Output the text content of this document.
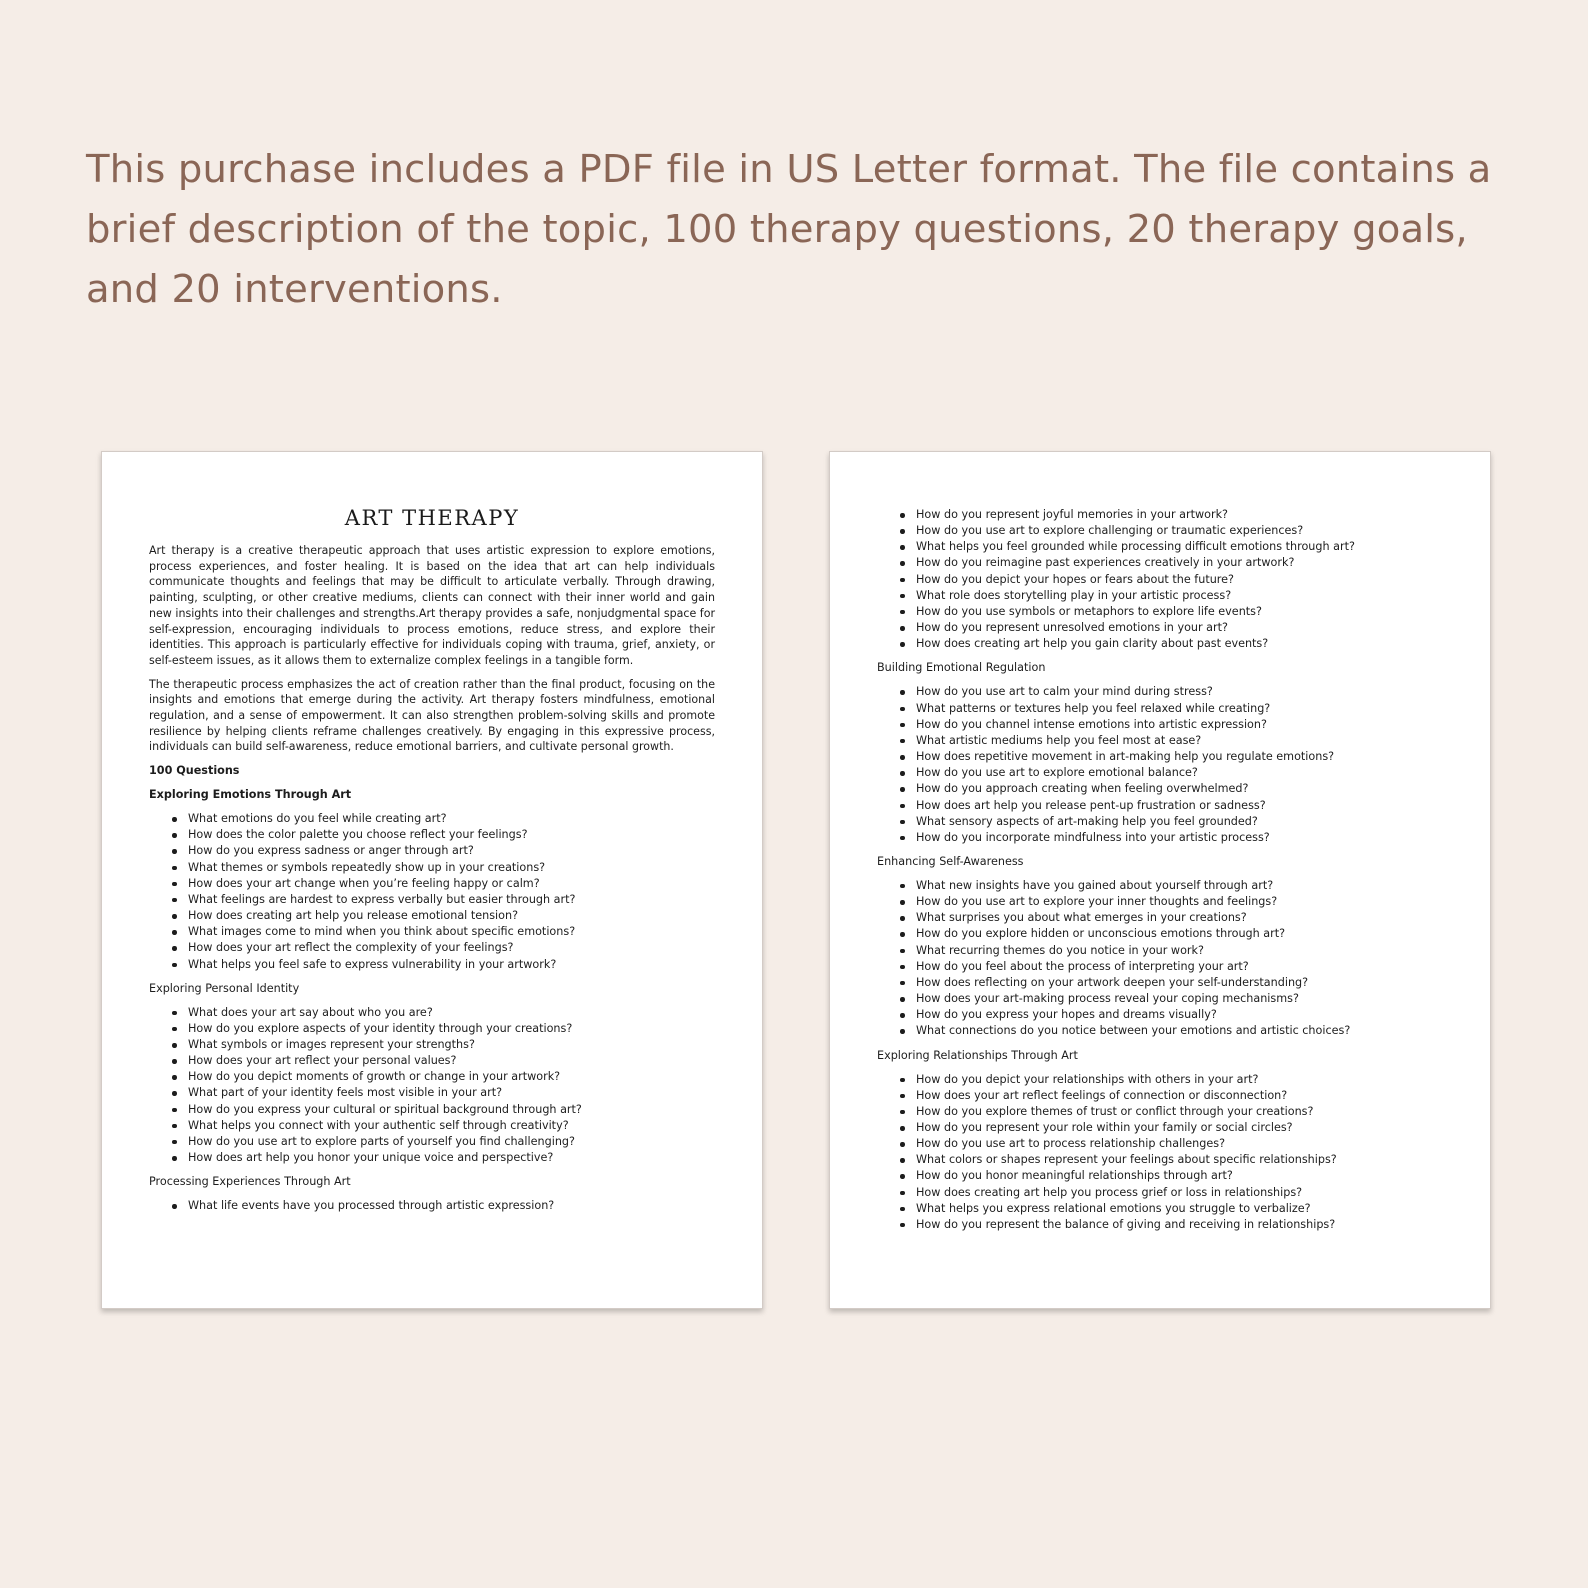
This purchase includes a PDF file in US Letter format. The file contains a brief description of the topic, 100 therapy questions, 20 therapy goals, and 20 interventions.

ART THERAPY

Art therapy is a creative therapeutic approach that uses artistic expression to explore emotions, process experiences, and foster healing. It is based on the idea that art can help individuals communicate thoughts and feelings that may be difficult to articulate verbally. Through drawing, painting, sculpting, or other creative mediums, clients can connect with their inner world and gain new insights into their challenges and strengths.Art therapy provides a safe, nonjudgmental space for self-expression, encouraging individuals to process emotions, reduce stress, and explore their identities. This approach is particularly effective for individuals coping with trauma, grief, anxiety, or self-esteem issues, as it allows them to externalize complex feelings in a tangible form.

The therapeutic process emphasizes the act of creation rather than the final product, focusing on the insights and emotions that emerge during the activity. Art therapy fosters mindfulness, emotional regulation, and a sense of empowerment. It can also strengthen problem-solving skills and promote resilience by helping clients reframe challenges creatively. By engaging in this expressive process, individuals can build self-awareness, reduce emotional barriers, and cultivate personal growth.

100 Questions

Exploring Emotions Through Art

What emotions do you feel while creating art?
How does the color palette you choose reflect your feelings?
How do you express sadness or anger through art?
What themes or symbols repeatedly show up in your creations?
How does your art change when you’re feeling happy or calm?
What feelings are hardest to express verbally but easier through art?
How does creating art help you release emotional tension?
What images come to mind when you think about specific emotions?
How does your art reflect the complexity of your feelings?
What helps you feel safe to express vulnerability in your artwork?

Exploring Personal Identity

What does your art say about who you are?
How do you explore aspects of your identity through your creations?
What symbols or images represent your strengths?
How does your art reflect your personal values?
How do you depict moments of growth or change in your artwork?
What part of your identity feels most visible in your art?
How do you express your cultural or spiritual background through art?
What helps you connect with your authentic self through creativity?
How do you use art to explore parts of yourself you find challenging?
How does art help you honor your unique voice and perspective?

Processing Experiences Through Art

What life events have you processed through artistic expression?
How do you represent joyful memories in your artwork?
How do you use art to explore challenging or traumatic experiences?
What helps you feel grounded while processing difficult emotions through art?
How do you reimagine past experiences creatively in your artwork?
How do you depict your hopes or fears about the future?
What role does storytelling play in your artistic process?
How do you use symbols or metaphors to explore life events?
How do you represent unresolved emotions in your art?
How does creating art help you gain clarity about past events?

Building Emotional Regulation

How do you use art to calm your mind during stress?
What patterns or textures help you feel relaxed while creating?
How do you channel intense emotions into artistic expression?
What artistic mediums help you feel most at ease?
How does repetitive movement in art-making help you regulate emotions?
How do you use art to explore emotional balance?
How do you approach creating when feeling overwhelmed?
How does art help you release pent-up frustration or sadness?
What sensory aspects of art-making help you feel grounded?
How do you incorporate mindfulness into your artistic process?

Enhancing Self-Awareness

What new insights have you gained about yourself through art?
How do you use art to explore your inner thoughts and feelings?
What surprises you about what emerges in your creations?
How do you explore hidden or unconscious emotions through art?
What recurring themes do you notice in your work?
How do you feel about the process of interpreting your art?
How does reflecting on your artwork deepen your self-understanding?
How does your art-making process reveal your coping mechanisms?
How do you express your hopes and dreams visually?
What connections do you notice between your emotions and artistic choices?

Exploring Relationships Through Art

How do you depict your relationships with others in your art?
How does your art reflect feelings of connection or disconnection?
How do you explore themes of trust or conflict through your creations?
How do you represent your role within your family or social circles?
How do you use art to process relationship challenges?
What colors or shapes represent your feelings about specific relationships?
How do you honor meaningful relationships through art?
How does creating art help you process grief or loss in relationships?
What helps you express relational emotions you struggle to verbalize?
How do you represent the balance of giving and receiving in relationships?
